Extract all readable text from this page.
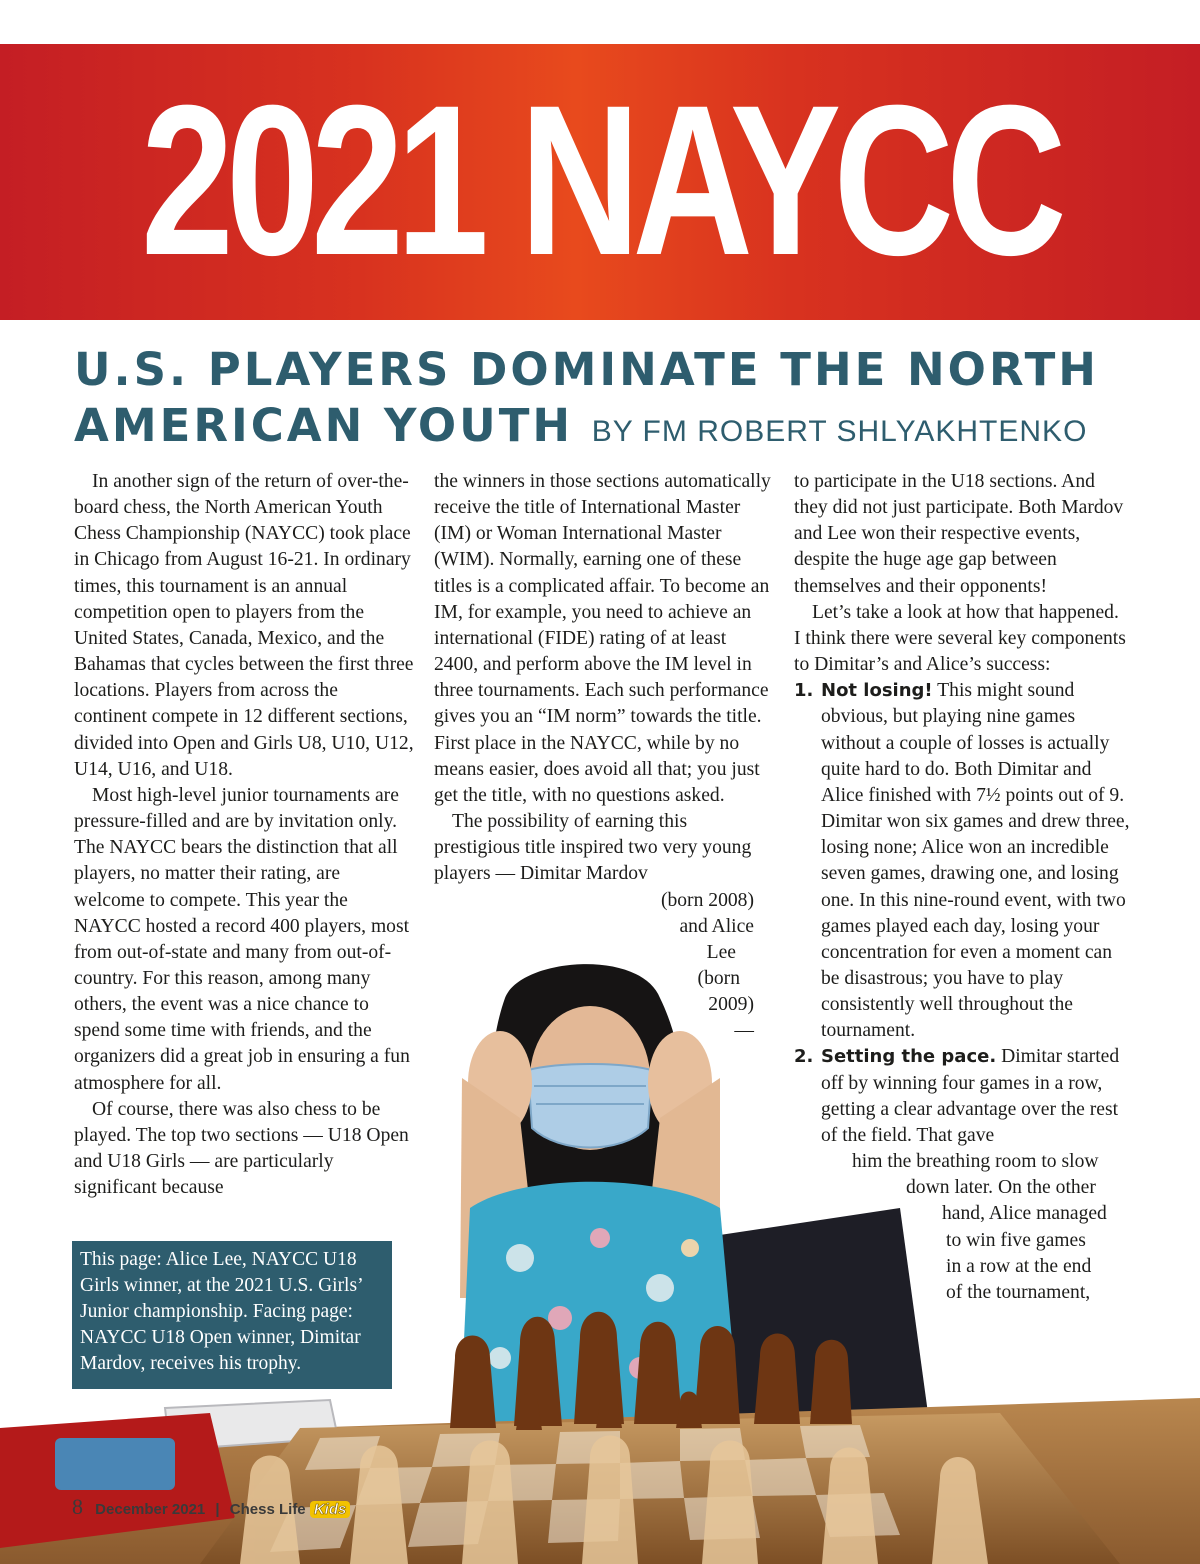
2021 NAYCC
U.S. PLAYERS DOMINATE THE NORTH AMERICAN YOUTH BY FM ROBERT SHLYAKHTENKO

In another sign of the return of over-the-board chess, the North American Youth Chess Championship (NAYCC) took place in Chicago from August 16-21. In ordinary times, this tournament is an annual competition open to players from the United States, Canada, Mexico, and the Bahamas that cycles between the first three locations. Players from across the continent compete in 12 different sections, divided into Open and Girls U8, U10, U12, U14, U16, and U18.

Most high-level junior tournaments are pressure-filled and are by invitation only. The NAYCC bears the distinction that all players, no matter their rating, are welcome to compete. This year the NAYCC hosted a record 400 players, most from out-of-state and many from out-of-country. For this reason, among many others, the event was a nice chance to spend some time with friends, and the organizers did a great job in ensuring a fun atmosphere for all.

Of course, there was also chess to be played. The top two sections — U18 Open and U18 Girls — are particularly significant because

the winners in those sections automatically receive the title of International Master (IM) or Woman International Master (WIM). Normally, earning one of these titles is a complicated affair. To become an IM, for example, you need to achieve an international (FIDE) rating of at least 2400, and perform above the IM level in three tournaments. Each such performance gives you an “IM norm” towards the title. First place in the NAYCC, while by no means easier, does avoid all that; you just get the title, with no questions asked.

The possibility of earning this prestigious title inspired two very young players — Dimitar Mardov

(born 2008)
and Alice
Lee
(born
2009)
—

to participate in the U18 sections. And they did not just participate. Both Mardov and Lee won their respective events, despite the huge age gap between themselves and their opponents!

Let’s take a look at how that happened. I think there were several key components to Dimitar’s and Alice’s success:

1. Not losing! This might sound obvious, but playing nine games without a couple of losses is actually quite hard to do. Both Dimitar and Alice finished with 7½ points out of 9. Dimitar won six games and drew three, losing none; Alice won an incredible seven games, drawing one, and losing one. In this nine-round event, with two games played each day, losing your concentration for even a moment can be disastrous; you have to play consistently well throughout the tournament.
2. Setting the pace. Dimitar started off by winning four games in a row, getting a clear advantage over the rest of the field. That gave
him the breathing room to slow
down later. On the other
hand, Alice managed
to win five games
in a row at the end
of the tournament,
This page: Alice Lee, NAYCC U18 Girls winner, at the 2021 U.S. Girls’ Junior championship. Facing page: NAYCC U18 Open winner, Dimitar Mardov, receives his trophy.
8 December 2021 | Chess Life Kids
